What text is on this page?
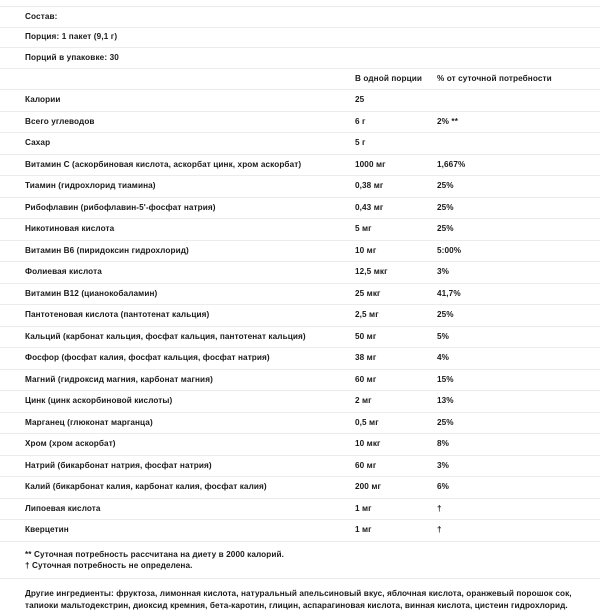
Состав:
Порция: 1 пакет (9,1 г)
Порций в упаковке: 30
	В одной порции	% от суточной потребности
Калории	25	
Всего углеводов	6 г	2% **
Сахар	5 г	
Витамин C (аскорбиновая кислота, аскорбат цинк, хром аскорбат)	1000 мг	1,667%
Тиамин (гидрохлорид тиамина)	0,38 мг	25%
Рибофлавин (рибофлавин-5'-фосфат натрия)	0,43 мг	25%
Никотиновая кислота	5 мг	25%
Витамин B6 (пиридоксин гидрохлорид)	10 мг	5:00%
Фолиевая кислота	12,5 мкг	3%
Витамин B12 (цианокобаламин)	25 мкг	41,7%
Пантотеновая кислота (пантотенат кальция)	2,5 мг	25%
Кальций (карбонат кальция, фосфат кальция, пантотенат кальция)	50 мг	5%
Фосфор (фосфат калия, фосфат кальция, фосфат натрия)	38 мг	4%
Магний (гидроксид магния, карбонат магния)	60 мг	15%
Цинк (цинк аскорбиновой кислоты)	2 мг	13%
Марганец (глюконат марганца)	0,5 мг	25%
Хром (хром аскорбат)	10 мкг	8%
Натрий (бикарбонат натрия, фосфат натрия)	60 мг	3%
Калий (бикарбонат калия, карбонат калия, фосфат калия)	200 мг	6%
Липоевая кислота	1 мг	†
Кверцетин	1 мг	†
** Суточная потребность рассчитана на диету в 2000 калорий.
† Суточная потребность не определена.

Другие ингредиенты: фруктоза, лимонная кислота, натуральный апельсиновый вкус, яблочная кислота, оранжевый порошок сок, тапиоки мальтодекстрин, диоксид кремния, бета-каротин, глицин, аспарагиновая кислота, винная кислота, цистеин гидрохлорид.
